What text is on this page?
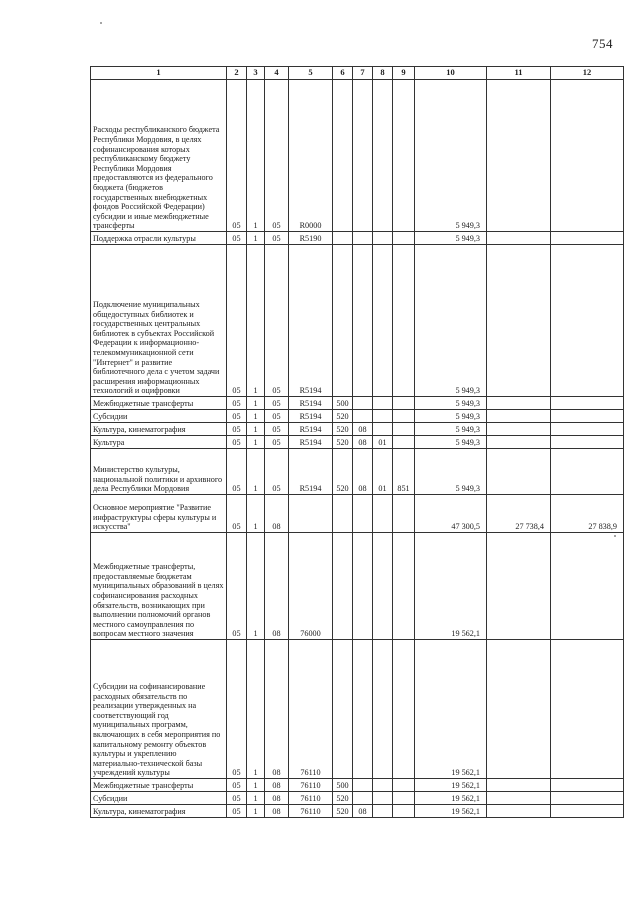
754
1	2	3	4	5	6	7	8	9	10	11	12
Расходы республиканского бюджета Республики Мордовия, в целях софинансирования которых республиканскому бюджету Республики Мордовия предоставляются из федерального бюджета (бюджетов государственных внебюджетных фондов Российской Федерации) субсидии и иные межбюджетные трансферты	05	1	05	R0000					5 949,3		
Поддержка отрасли культуры	05	1	05	R5190					5 949,3		
Подключение муниципальных общедоступных библиотек и государственных центральных библиотек в субъектах Российской Федерации к информационно-телекоммуникационной сети "Интернет" и развитие библиотечного дела с учетом задачи расширения информационных технологий и оцифровки	05	1	05	R5194					5 949,3		
Межбюджетные трансферты	05	1	05	R5194	500				5 949,3		
Субсидии	05	1	05	R5194	520				5 949,3		
Культура, кинематография	05	1	05	R5194	520	08			5 949,3		
Культура	05	1	05	R5194	520	08	01		5 949,3		
Министерство культуры, национальной политики и архивного дела Республики Мордовия	05	1	05	R5194	520	08	01	851	5 949,3		
Основное мероприятие "Развитие инфраструктуры сферы культуры и искусства"	05	1	08						47 300,5	27 738,4	27 838,9
Межбюджетные трансферты, предоставляемые бюджетам муниципальных образований в целях софинансирования расходных обязательств, возникающих при выполнении полномочий органов местного самоуправления по вопросам местного значения	05	1	08	76000					19 562,1		
Субсидии на софинансирование расходных обязательств по реализации утвержденных на соответствующий год муниципальных программ, включающих в себя мероприятия по капитальному ремонту объектов культуры и укреплению материально-технической базы учреждений культуры	05	1	08	76110					19 562,1		
Межбюджетные трансферты	05	1	08	76110	500				19 562,1		
Субсидии	05	1	08	76110	520				19 562,1		
Культура, кинематография	05	1	08	76110	520	08			19 562,1		
